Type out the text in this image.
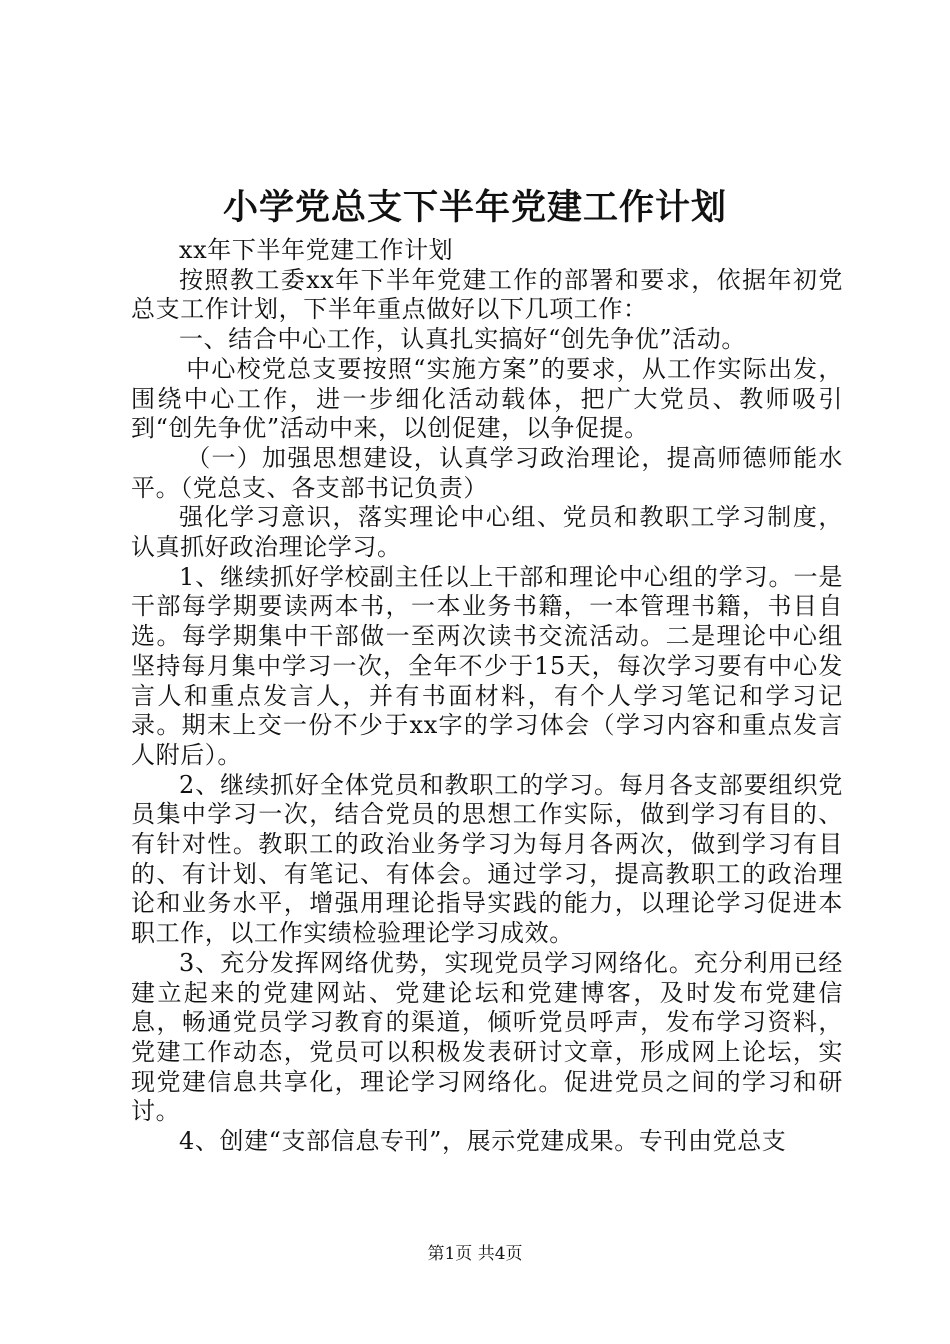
小学党总支下半年党建工作计划

xx年下半年党建工作计划

按照教工委xx年下半年党建工作的部署和要求，依据年初党总支工作计划，下半年重点做好以下几项工作：

一、结合中心工作，认真扎实搞好“创先争优”活动。

中心校党总支要按照“实施方案”的要求，从工作实际出发，围绕中心工作，进一步细化活动载体，把广大党员、教师吸引到“创先争优”活动中来，以创促建，以争促提。

（一）加强思想建设，认真学习政治理论，提高师德师能水平。（党总支、各支部书记负责）

强化学习意识，落实理论中心组、党员和教职工学习制度，认真抓好政治理论学习。

1、继续抓好学校副主任以上干部和理论中心组的学习。一是干部每学期要读两本书，一本业务书籍，一本管理书籍，书目自选。每学期集中干部做一至两次读书交流活动。二是理论中心组坚持每月集中学习一次，全年不少于15天，每次学习要有中心发言人和重点发言人，并有书面材料，有个人学习笔记和学习记录。期末上交一份不少于xx字的学习体会（学习内容和重点发言人附后）。

2、继续抓好全体党员和教职工的学习。每月各支部要组织党员集中学习一次，结合党员的思想工作实际，做到学习有目的、有针对性。教职工的政治业务学习为每月各两次，做到学习有目的、有计划、有笔记、有体会。通过学习，提高教职工的政治理论和业务水平，增强用理论指导实践的能力，以理论学习促进本职工作，以工作实绩检验理论学习成效。

3、充分发挥网络优势，实现党员学习网络化。充分利用已经建立起来的党建网站、党建论坛和党建博客，及时发布党建信息，畅通党员学习教育的渠道，倾听党员呼声，发布学习资料，党建工作动态，党员可以积极发表研讨文章，形成网上论坛，实现党建信息共享化，理论学习网络化。促进党员之间的学习和研讨。

4、创建“支部信息专刊”，展示党建成果。专刊由党总支

第1页 共4页
